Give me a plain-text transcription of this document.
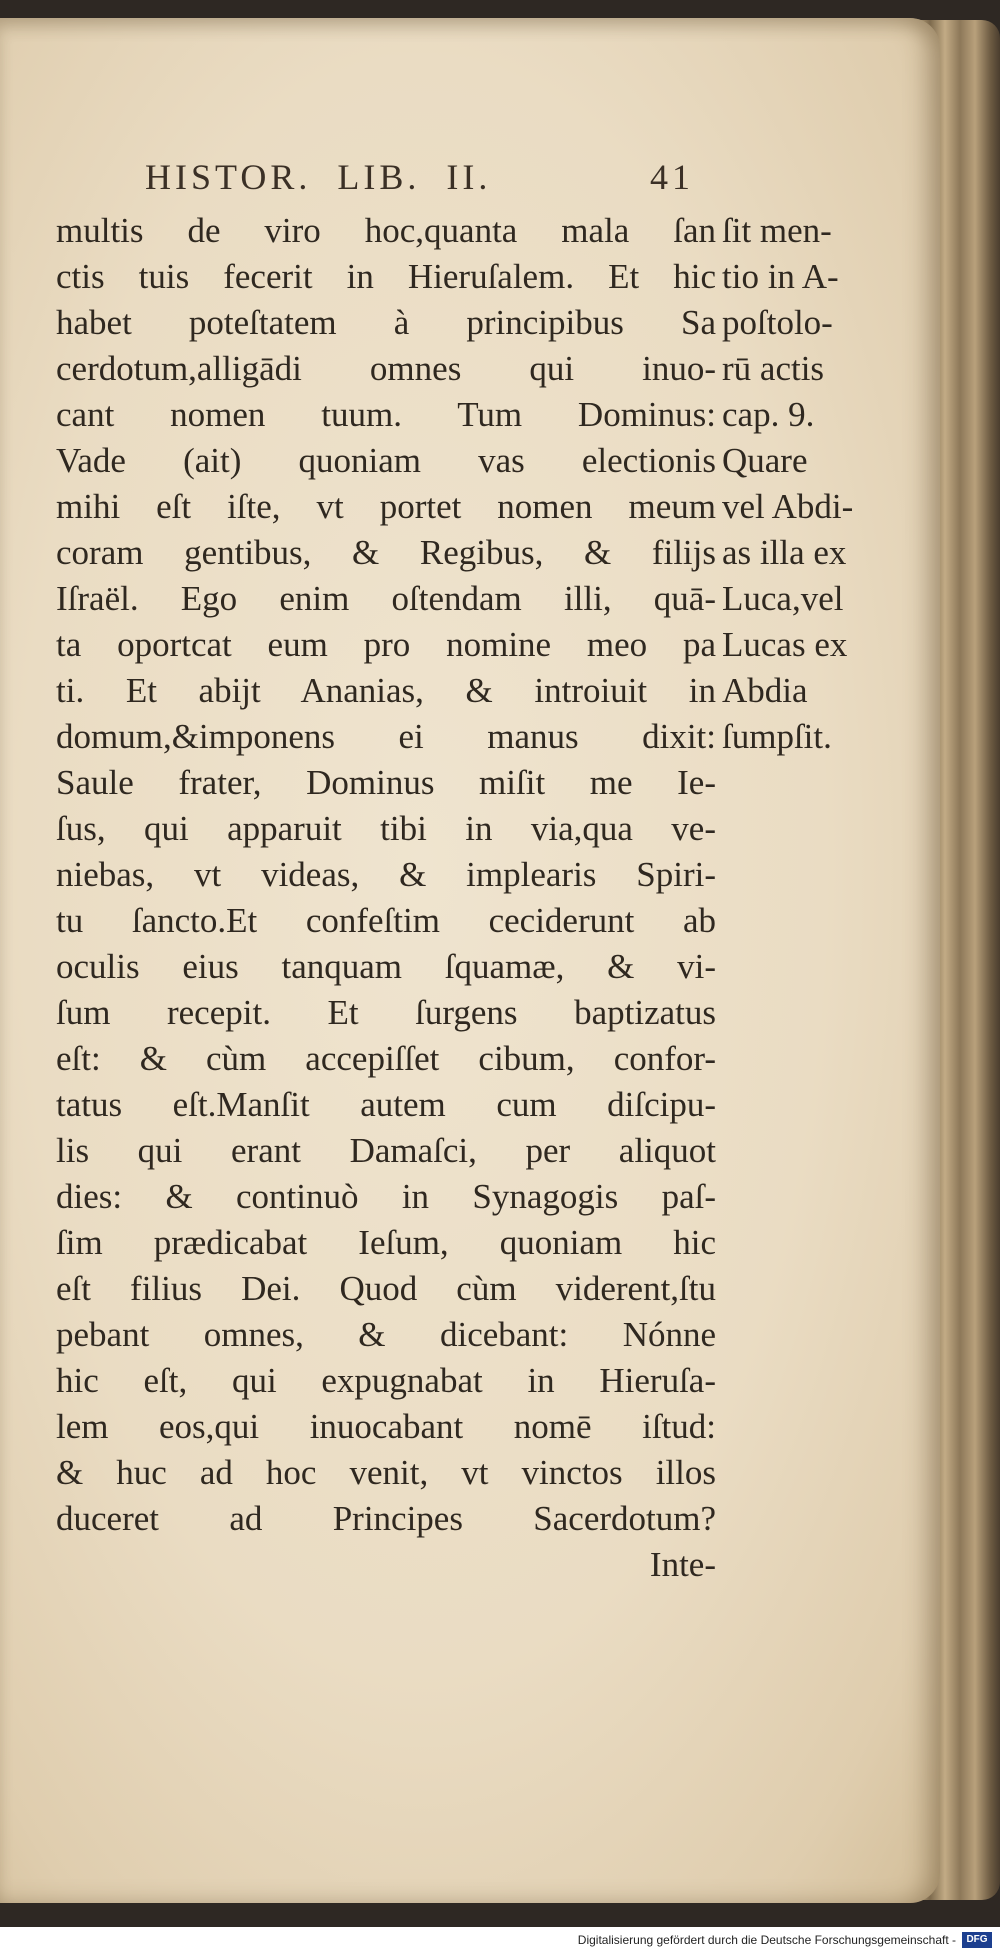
HISTOR.  LIB.  II.	41
multis de viro hoc,quanta mala ſan
ctis tuis fecerit in Hieruſalem. Et hic
habet poteſtatem à principibus Sa
cerdotum,alligādi omnes qui inuo-
cant nomen tuum. Tum Dominus:
Vade (ait) quoniam vas electionis
mihi eſt iſte, vt portet nomen meum
coram gentibus, & Regibus, & filijs
Iſraël. Ego enim oſtendam illi, quā-
ta oportcat eum pro nomine meo pa
ti. Et abijt Ananias, & introiuit in
domum,&imponens ei manus dixit:
Saule frater, Dominus miſit me Ie-
ſus, qui apparuit tibi in via,qua ve-
niebas, vt videas, & implearis Spiri-
tu ſancto.Et confeſtim ceciderunt ab
oculis eius tanquam ſquamæ, & vi-
ſum recepit. Et ſurgens baptizatus
eſt: & cùm accepiſſet cibum, confor-
tatus eſt.Manſit autem cum diſcipu-
lis qui erant Damaſci, per aliquot
dies: & continuò in Synagogis paſ-
ſim prædicabat Ieſum, quoniam hic
eſt filius Dei. Quod cùm viderent,ſtu
pebant omnes, & dicebant: Nónne
hic eſt, qui expugnabat in Hieruſa-
lem eos,qui inuocabant nomē iſtud:
& huc ad hoc venit, vt vinctos illos
duceret ad Principes Sacerdotum?
Inte-
ſit men-
tio in A-
poſtolo-
rū actis
cap. 9.
Quare
vel Abdi-
as illa ex
Luca,vel
Lucas ex
Abdia
ſumpſit.
Digitalisierung gefördert durch die Deutsche Forschungsgemeinschaft -	DFG
